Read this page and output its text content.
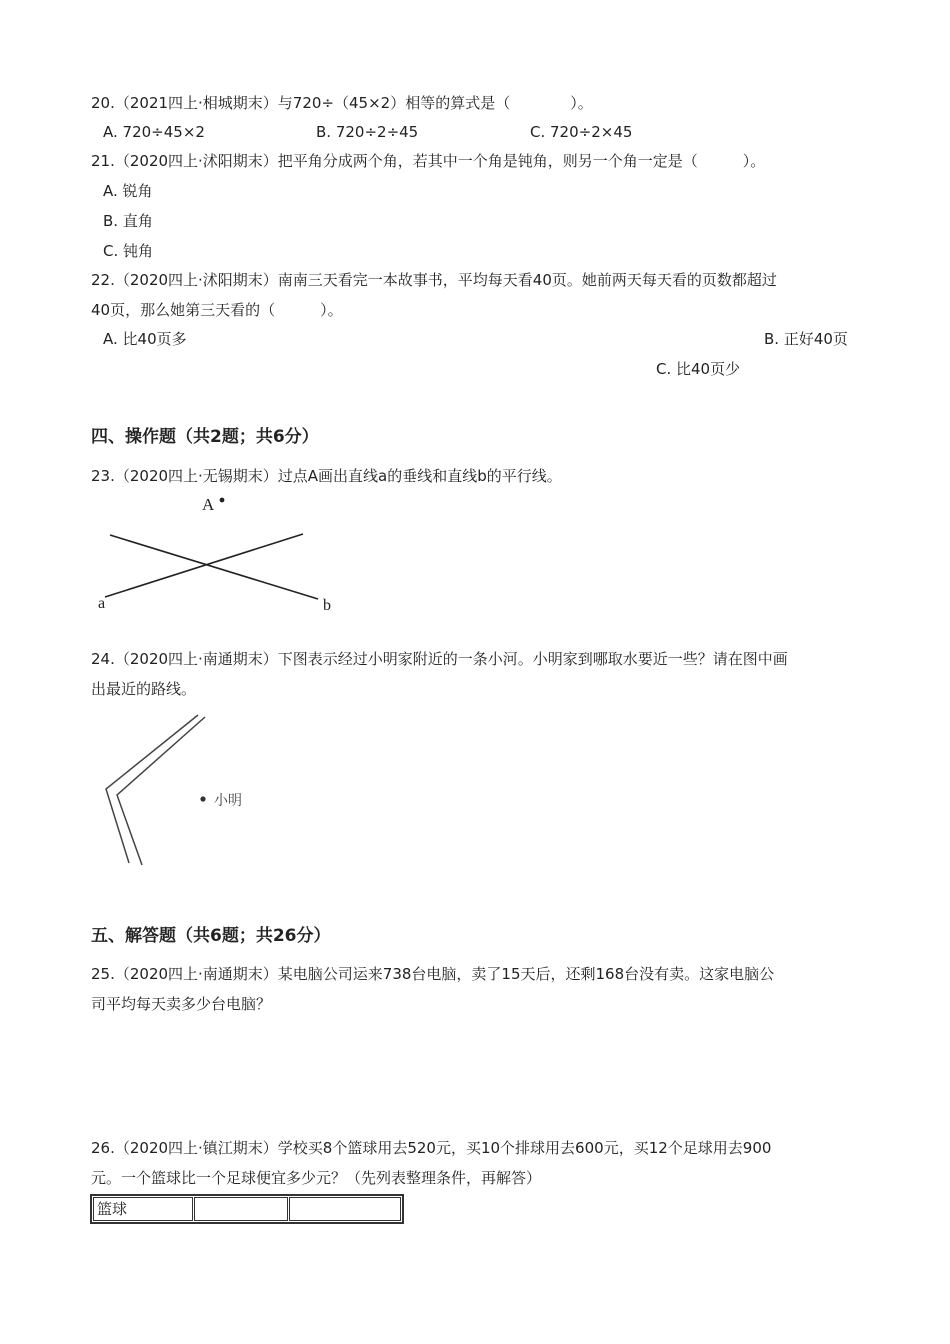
20.（2021四上·相城期末）与720÷（45×2）相等的算式是（　　　　）。
A. 720÷45×2	B. 720÷2÷45	C. 720÷2×45
21.（2020四上·沭阳期末）把平角分成两个角，若其中一个角是钝角，则另一个角一定是（　　　）。
A. 锐角
B. 直角
C. 钝角
22.（2020四上·沭阳期末）南南三天看完一本故事书，平均每天看40页。她前两天每天看的页数都超过
40页，那么她第三天看的（　　　）。
A. 比40页多	B. 正好40页
C. 比40页少
四、操作题（共2题；共6分）
23.（2020四上·无锡期末）过点A画出直线a的垂线和直线b的平行线。
A
a	b
24.（2020四上·南通期末）下图表示经过小明家附近的一条小河。小明家到哪取水要近一些？请在图中画
出最近的路线。
小明
五、解答题（共6题；共26分）
25.（2020四上·南通期末）某电脑公司运来738台电脑，卖了15天后，还剩168台没有卖。这家电脑公
司平均每天卖多少台电脑？
26.（2020四上·镇江期末）学校买8个篮球用去520元，买10个排球用去600元，买12个足球用去900
元。一个篮球比一个足球便宜多少元？（先列表整理条件，再解答）
篮球		
